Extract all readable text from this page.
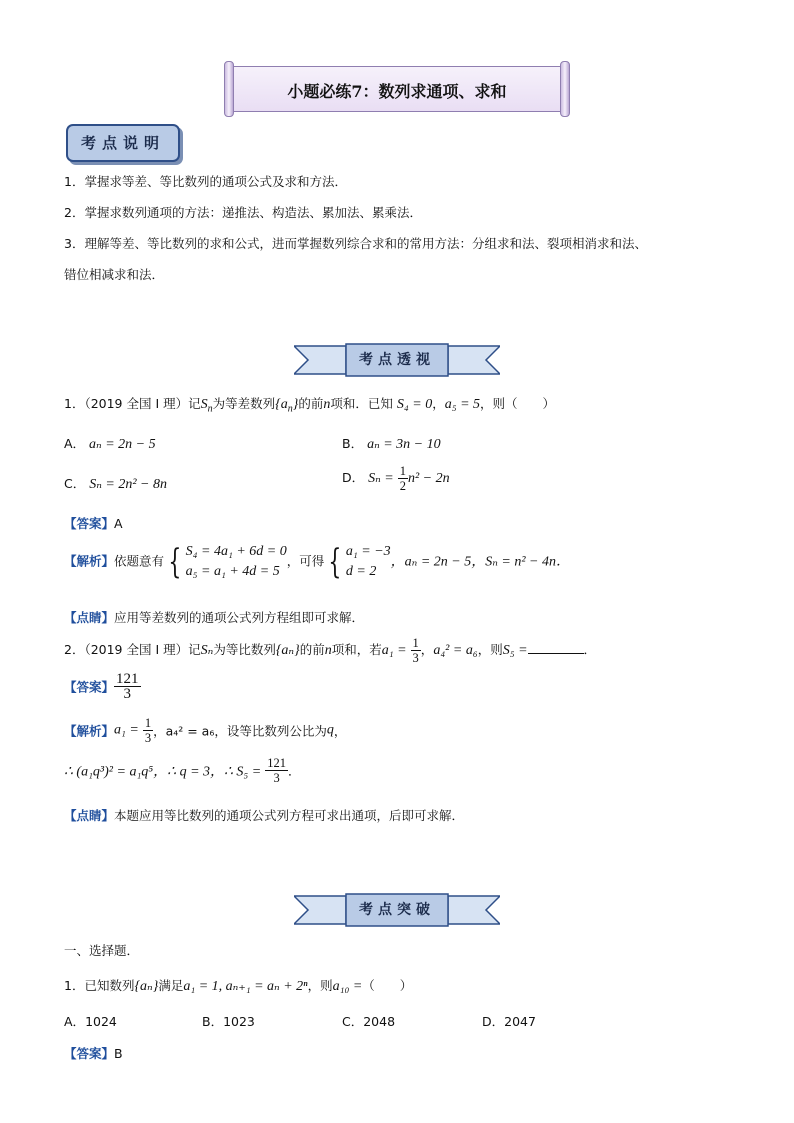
小题必练7：数列求通项、求和
考点说明
1．掌握求等差、等比数列的通项公式及求和方法．
2．掌握求数列通项的方法：递推法、构造法、累加法、累乘法．
3．理解等差、等比数列的求和公式，进而掌握数列综合求和的常用方法：分组求和法、裂项相消求和法、
错位相减求和法．
考点透视
1．（2019 全国 I 理）记$S_n$为等差数列$\{a_n\}$的前n项和．已知 S₄ = 0，a₅ = 5，则（　　）
A． aₙ = 2n − 5	B． aₙ = 3n − 10
C． Sₙ = 2n² − 8n	D． $S_n = \frac{1}{2} n^2 - 2n$
【答案】A
【解析】依题意有 { S₄ = 4a₁ + 6d = 0
a₅ = a₁ + 4d = 5
，可得 { a₁ = −3
d = 2
，aₙ = 2n − 5，Sₙ = n² − 4n．
【点睛】应用等差数列的通项公式列方程组即可求解．
2．（2019 全国 I 理）记Sₙ为等比数列{aₙ}的前n项和，若$a_1 = \frac{1}{3}$ ，a₄² = a₆，则S₅ =	．
【答案】 $\frac{121}{3}$
【解析】$a_1 = \frac{1}{3}$ ，a₄² = a₆，设等比数列公比为q，
∴ (a₁q³)² = a₁q⁵，∴ q = 3，∴ $S_5 = \frac{121}{3}$ ．
【点睛】本题应用等比数列的通项公式列方程可求出通项，后即可求解．
考点突破
一、选择题．
1．已知数列{aₙ}满足a₁ = 1, aₙ₊₁ = aₙ + 2ⁿ，则a₁₀ =（　　）
A．1024	B．1023	C．2048	D．2047
【答案】B
